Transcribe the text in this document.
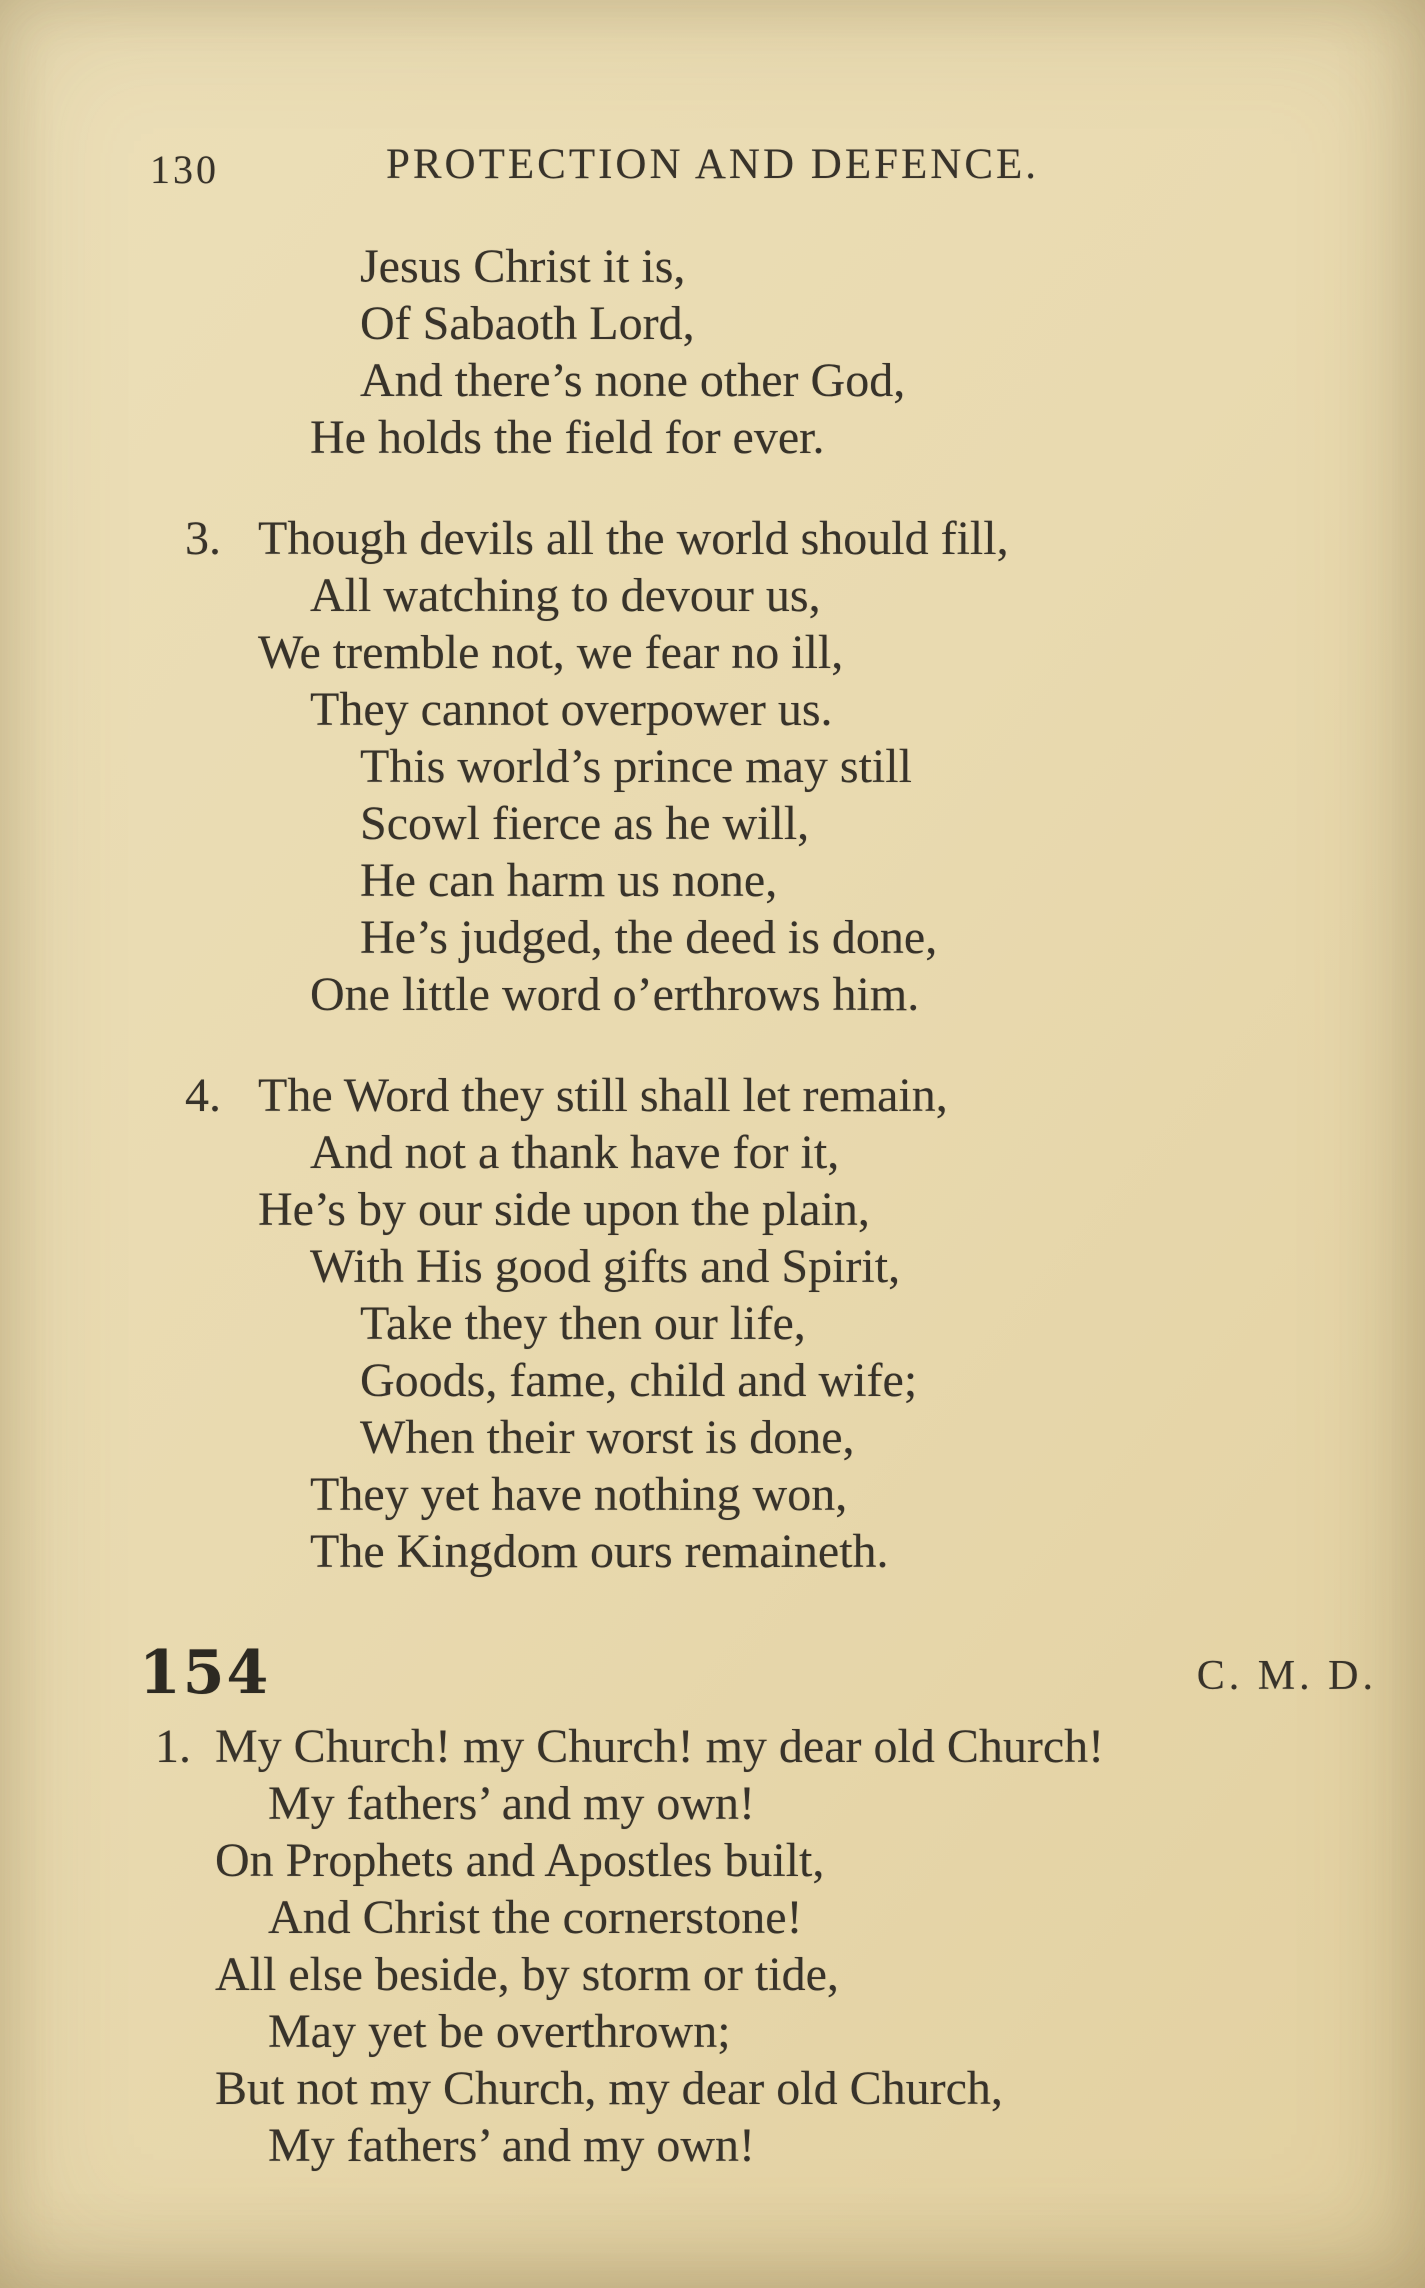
130	PROTECTION AND DEFENCE.
Jesus Christ it is,
Of Sabaoth Lord,
And there’s none other God,
He holds the field for ever.
3. Though devils all the world should fill,
All watching to devour us,
We tremble not, we fear no ill,
They cannot overpower us.
This world’s prince may still
Scowl fierce as he will,
He can harm us none,
He’s judged, the deed is done,
One little word o’erthrows him.
4. The Word they still shall let remain,
And not a thank have for it,
He’s by our side upon the plain,
With His good gifts and Spirit,
Take they then our life,
Goods, fame, child and wife;
When their worst is done,
They yet have nothing won,
The Kingdom ours remaineth.
154	C. M. D.
1. My Church! my Church! my dear old Church!
My fathers’ and my own!
On Prophets and Apostles built,
And Christ the cornerstone!
All else beside, by storm or tide,
May yet be overthrown;
But not my Church, my dear old Church,
My fathers’ and my own!
